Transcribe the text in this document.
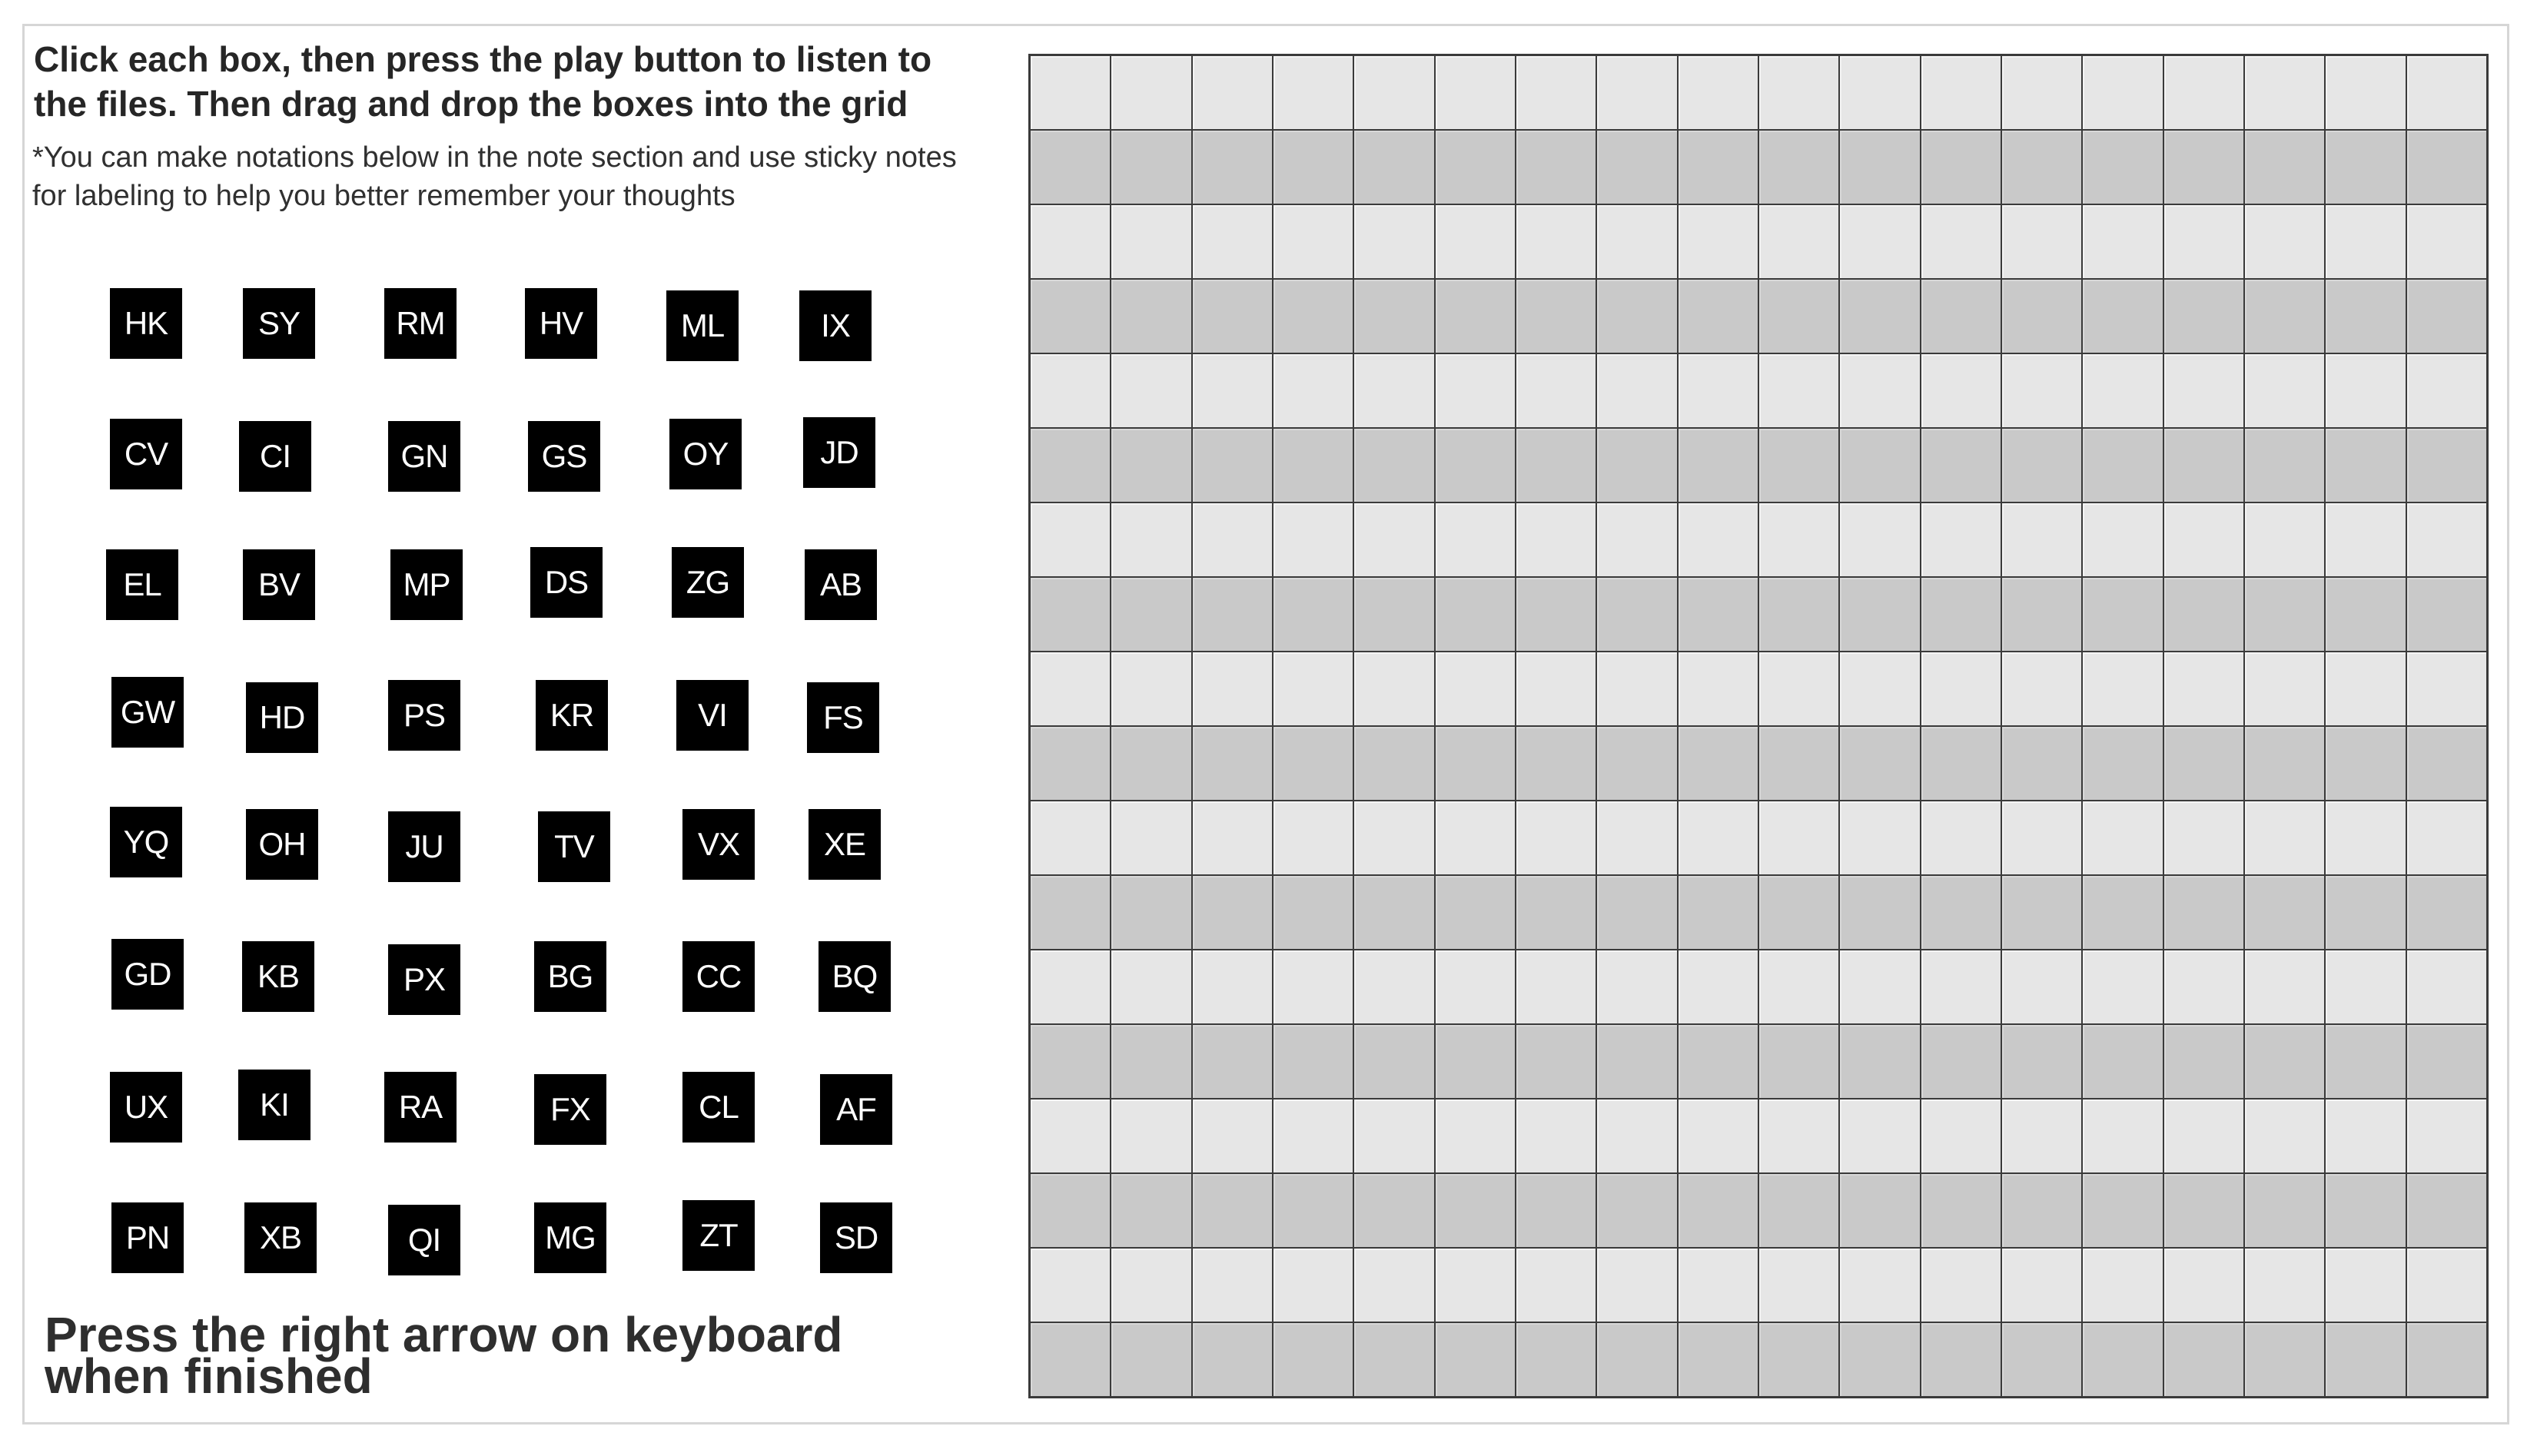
Click each box, then press the play button to listen to
the files. Then drag and drop the boxes into the grid
*You can make notations below in the note section and use sticky notes
for labeling to help you better remember your thoughts
HK	SY	RM	HV	ML	IX
CV	CI	GN	GS	OY	JD
EL	BV	MP	DS	ZG	AB
GW	HD	PS	KR	VI	FS
YQ	OH	JU	TV	VX	XE
GD	KB	PX	BG	CC	BQ
UX	KI	RA	FX	CL	AF
PN	XB	QI	MG	ZT	SD
Press the right arrow on keyboard
when finished
